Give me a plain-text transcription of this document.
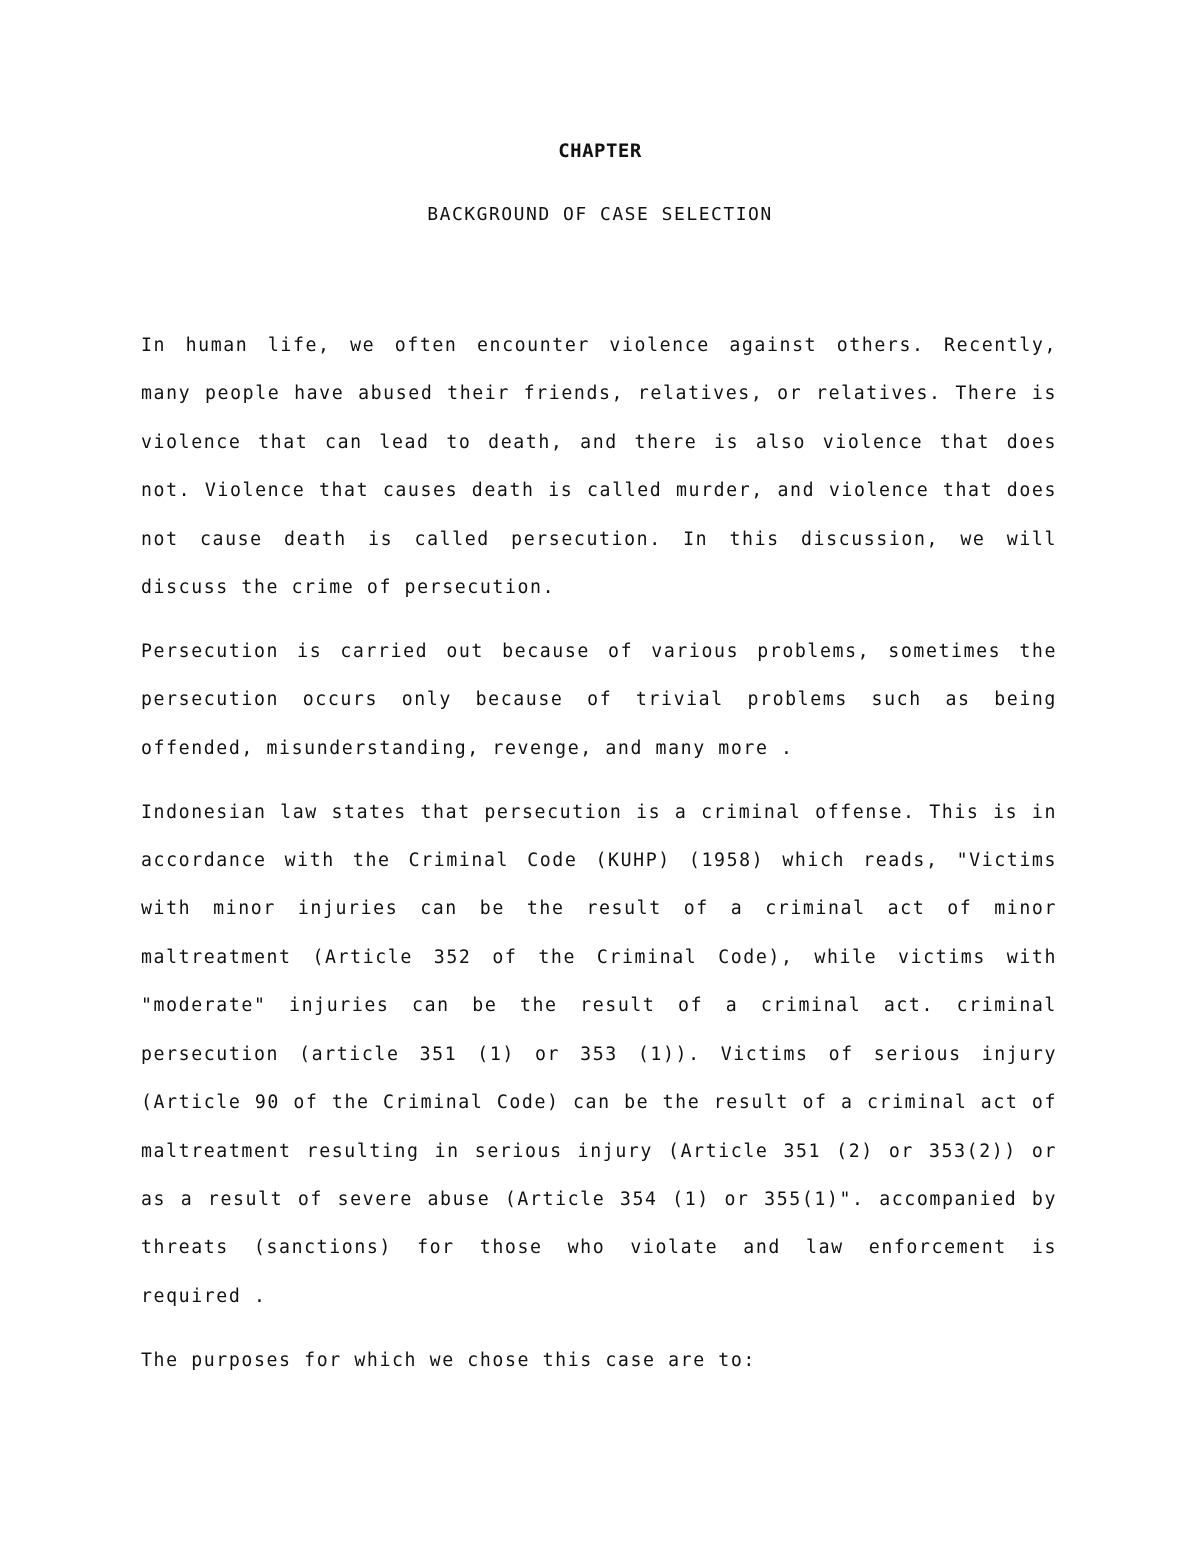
CHAPTER
BACKGROUND OF CASE SELECTION

In human life, we often encounter violence against others. Recently, many people have abused their friends, relatives, or relatives. There is violence that can lead to death, and there is also violence that does not. Violence that causes death is called murder, and violence that does not cause death is called persecution. In this discussion, we will discuss the crime of persecution.

Persecution is carried out because of various problems, sometimes the persecution occurs only because of trivial problems such as being offended, misunderstanding, revenge, and many more .

Indonesian law states that persecution is a criminal offense. This is in accordance with the Criminal Code (KUHP) (1958) which reads, "Victims with minor injuries can be the result of a criminal act of minor maltreatment (Article 352 of the Criminal Code), while victims with "moderate" injuries can be the result of a criminal act. criminal persecution (article 351 (1) or 353 (1)). Victims of serious injury (Article 90 of the Criminal Code) can be the result of a criminal act of maltreatment resulting in serious injury (Article 351 (2) or 353(2)) or as a result of severe abuse (Article 354 (1) or 355(1)". accompanied by threats (sanctions) for those who violate and law enforcement is required .

The purposes for which we chose this case are to:
